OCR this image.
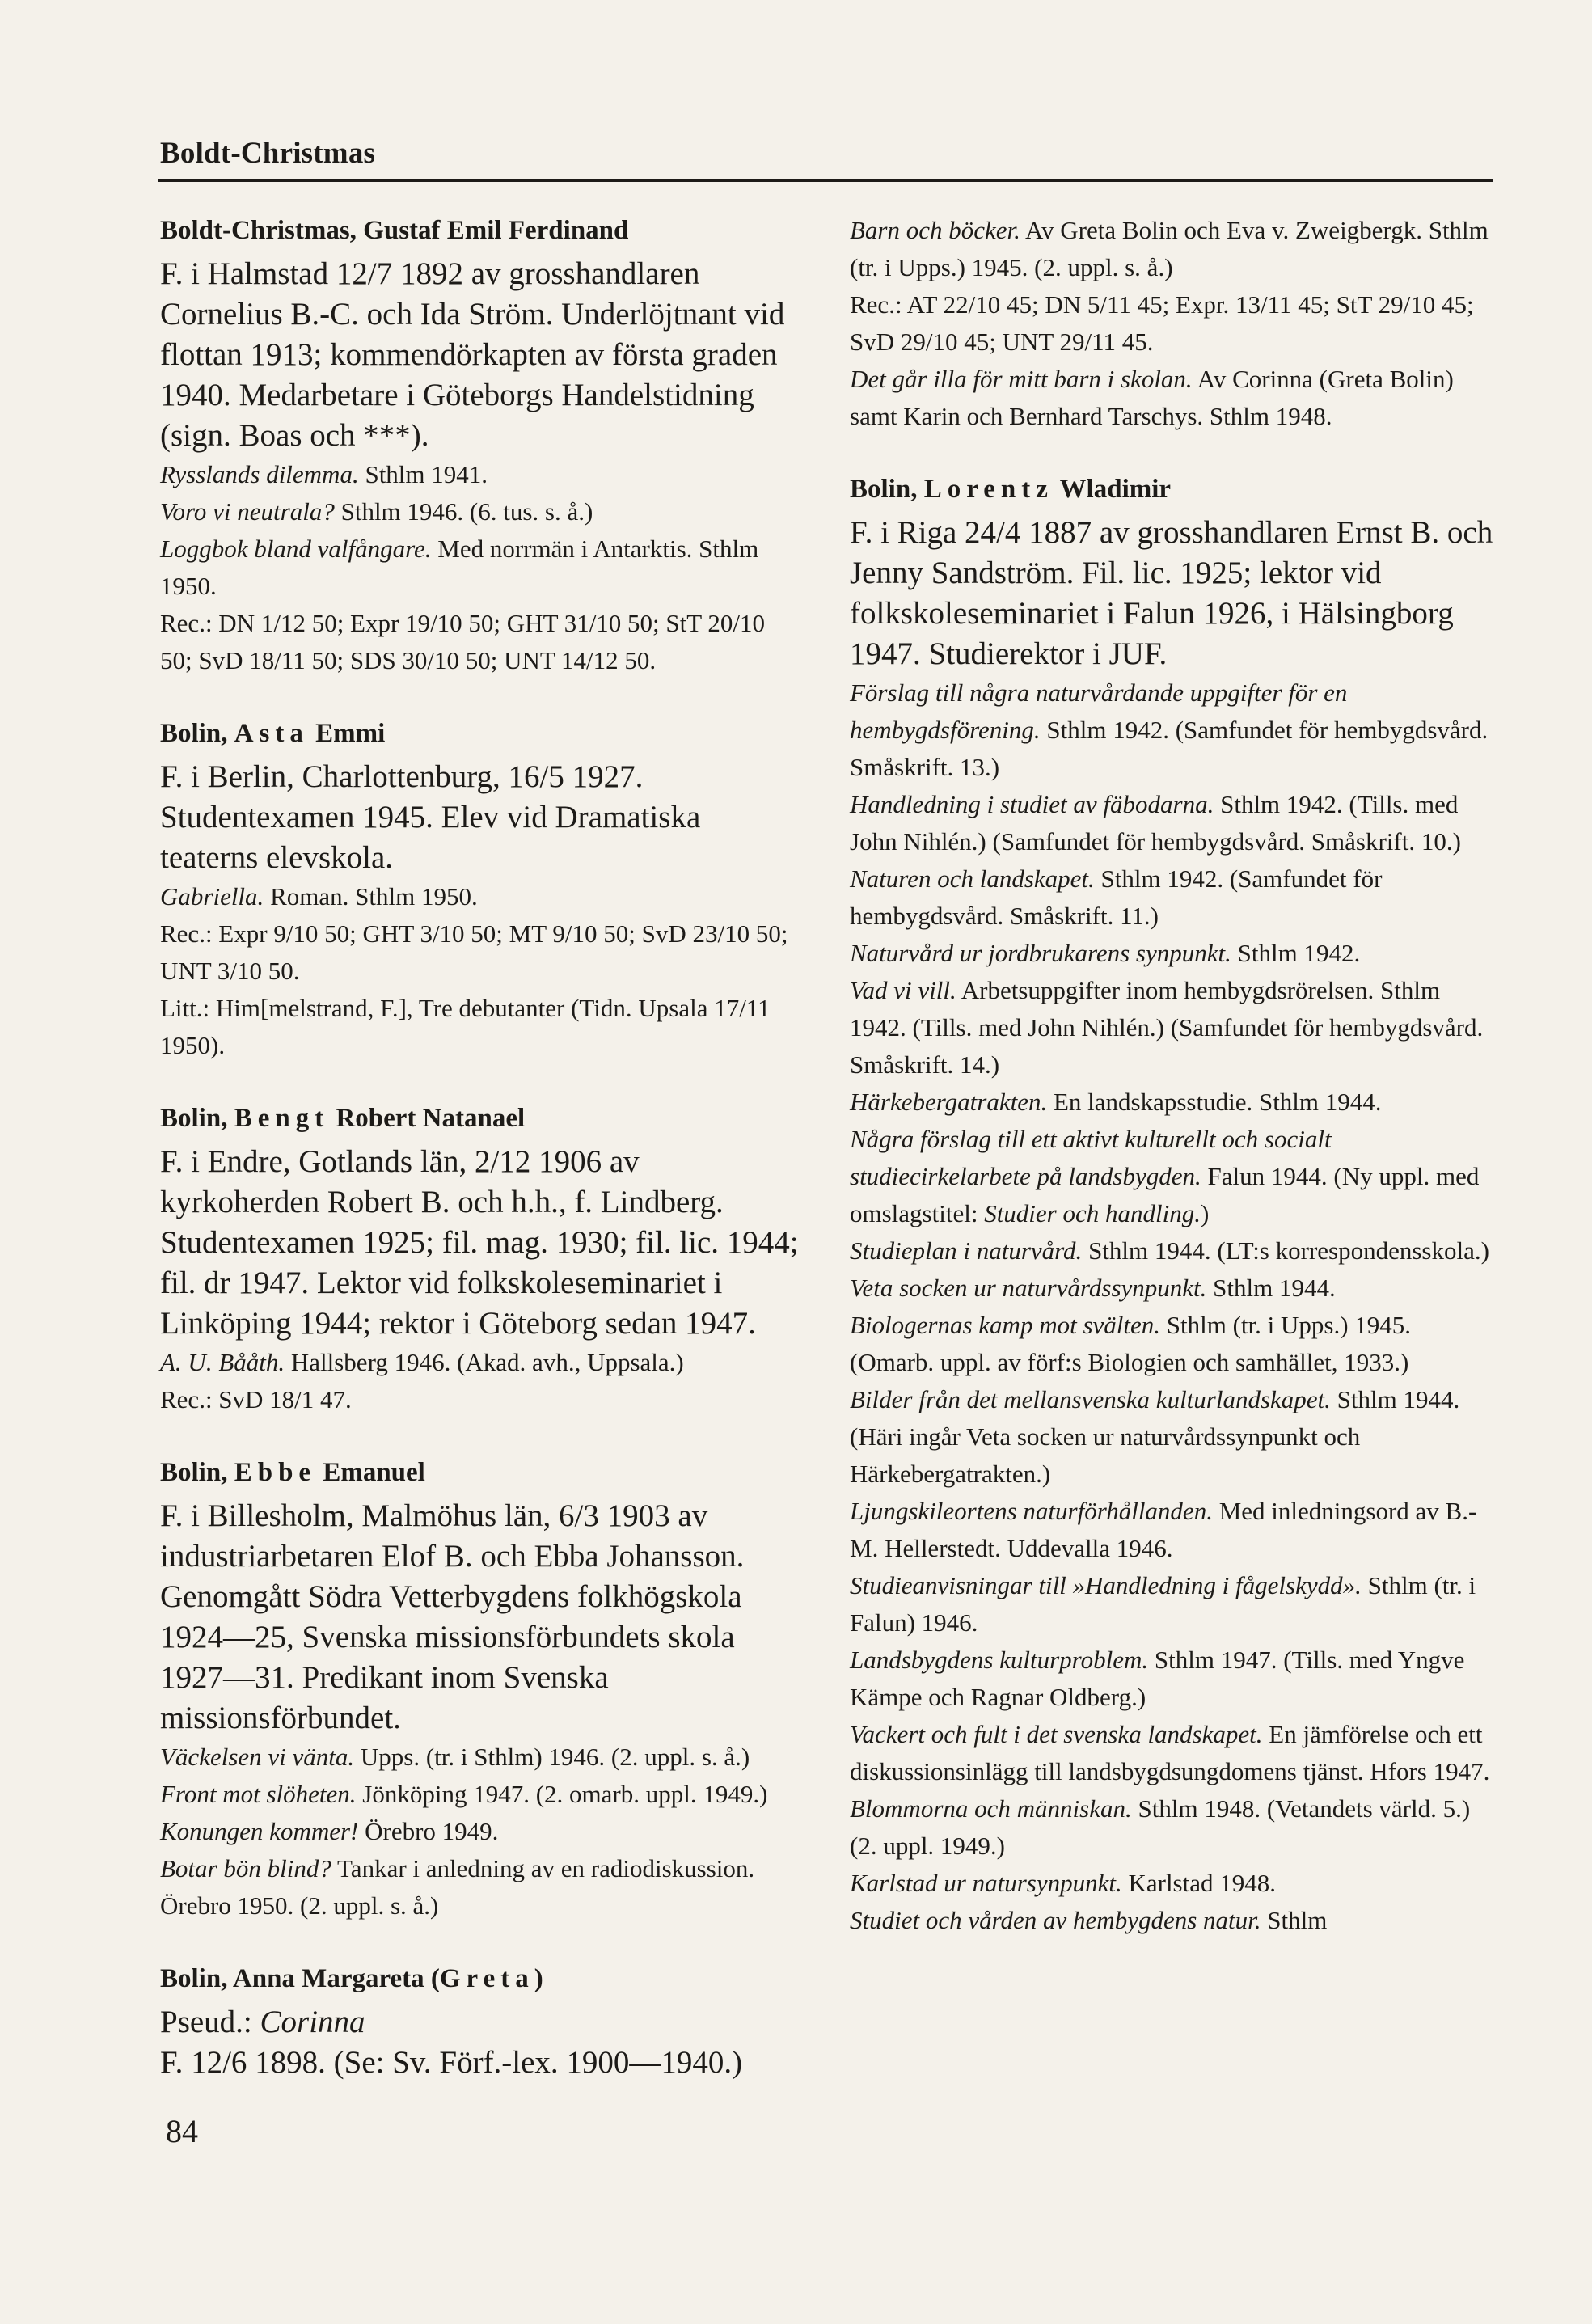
Boldt-Christmas

Boldt-Christmas, Gustaf Emil Ferdinand

F. i Halmstad 12/7 1892 av grosshandlaren Cornelius B.-C. och Ida Ström. Underlöjtnant vid flottan 1913; kommendörkapten av första graden 1940. Medarbetare i Göteborgs Handelstidning (sign. Boas och ***).

Rysslands dilemma. Sthlm 1941.

Voro vi neutrala? Sthlm 1946. (6. tus. s. å.)

Loggbok bland valfångare. Med norrmän i Antarktis. Sthlm 1950.

Rec.: DN 1/12 50; Expr 19/10 50; GHT 31/10 50; StT 20/10 50; SvD 18/11 50; SDS 30/10 50; UNT 14/12 50.

Bolin, Asta Emmi

F. i Berlin, Charlottenburg, 16/5 1927. Studentexamen 1945. Elev vid Dramatiska teaterns elevskola.

Gabriella. Roman. Sthlm 1950.

Rec.: Expr 9/10 50; GHT 3/10 50; MT 9/10 50; SvD 23/10 50; UNT 3/10 50.

Litt.: Him[melstrand, F.], Tre debutanter (Tidn. Upsala 17/11 1950).

Bolin, Bengt Robert Natanael

F. i Endre, Gotlands län, 2/12 1906 av kyrkoherden Robert B. och h.h., f. Lindberg. Studentexamen 1925; fil. mag. 1930; fil. lic. 1944; fil. dr 1947. Lektor vid folkskoleseminariet i Linköping 1944; rektor i Göteborg sedan 1947.

A. U. Bååth. Hallsberg 1946. (Akad. avh., Uppsala.)

Rec.: SvD 18/1 47.

Bolin, Ebbe Emanuel

F. i Billesholm, Malmöhus län, 6/3 1903 av industriarbetaren Elof B. och Ebba Johansson. Genomgått Södra Vetterbygdens folkhögskola 1924—25, Svenska missionsförbundets skola 1927—31. Predikant inom Svenska missionsförbundet.

Väckelsen vi vänta. Upps. (tr. i Sthlm) 1946. (2. uppl. s. å.)

Front mot slöheten. Jönköping 1947. (2. omarb. uppl. 1949.)

Konungen kommer! Örebro 1949.

Botar bön blind? Tankar i anledning av en radiodiskussion. Örebro 1950. (2. uppl. s. å.)

Bolin, Anna Margareta (Greta)

Pseud.: Corinna

F. 12/6 1898. (Se: Sv. Förf.-lex. 1900—1940.)

Barn och böcker. Av Greta Bolin och Eva v. Zweigbergk. Sthlm (tr. i Upps.) 1945. (2. uppl. s. å.)

Rec.: AT 22/10 45; DN 5/11 45; Expr. 13/11 45; StT 29/10 45; SvD 29/10 45; UNT 29/11 45.

Det går illa för mitt barn i skolan. Av Corinna (Greta Bolin) samt Karin och Bernhard Tarschys. Sthlm 1948.

Bolin, Lorentz Wladimir

F. i Riga 24/4 1887 av grosshandlaren Ernst B. och Jenny Sandström. Fil. lic. 1925; lektor vid folkskoleseminariet i Falun 1926, i Hälsingborg 1947. Studierektor i JUF.

Förslag till några naturvårdande uppgifter för en hembygdsförening. Sthlm 1942. (Samfundet för hembygdsvård. Småskrift. 13.)

Handledning i studiet av fäbodarna. Sthlm 1942. (Tills. med John Nihlén.) (Samfundet för hembygdsvård. Småskrift. 10.)

Naturen och landskapet. Sthlm 1942. (Samfundet för hembygdsvård. Småskrift. 11.)

Naturvård ur jordbrukarens synpunkt. Sthlm 1942.

Vad vi vill. Arbetsuppgifter inom hembygdsrörelsen. Sthlm 1942. (Tills. med John Nihlén.) (Samfundet för hembygdsvård. Småskrift. 14.)

Härkebergatrakten. En landskapsstudie. Sthlm 1944.

Några förslag till ett aktivt kulturellt och socialt studiecirkelarbete på landsbygden. Falun 1944. (Ny uppl. med omslagstitel: Studier och handling.)

Studieplan i naturvård. Sthlm 1944. (LT:s korrespondensskola.)

Veta socken ur naturvårdssynpunkt. Sthlm 1944.

Biologernas kamp mot svälten. Sthlm (tr. i Upps.) 1945. (Omarb. uppl. av förf:s Biologien och samhället, 1933.)

Bilder från det mellansvenska kulturlandskapet. Sthlm 1944. (Häri ingår Veta socken ur naturvårdssynpunkt och Härkebergatrakten.)

Ljungskileortens naturförhållanden. Med inledningsord av B.-M. Hellerstedt. Uddevalla 1946.

Studieanvisningar till »Handledning i fågelskydd». Sthlm (tr. i Falun) 1946.

Landsbygdens kulturproblem. Sthlm 1947. (Tills. med Yngve Kämpe och Ragnar Oldberg.)

Vackert och fult i det svenska landskapet. En jämförelse och ett diskussionsinlägg till landsbygdsungdomens tjänst. Hfors 1947.

Blommorna och människan. Sthlm 1948. (Vetandets värld. 5.) (2. uppl. 1949.)

Karlstad ur natursynpunkt. Karlstad 1948.

Studiet och vården av hembygdens natur. Sthlm

84
